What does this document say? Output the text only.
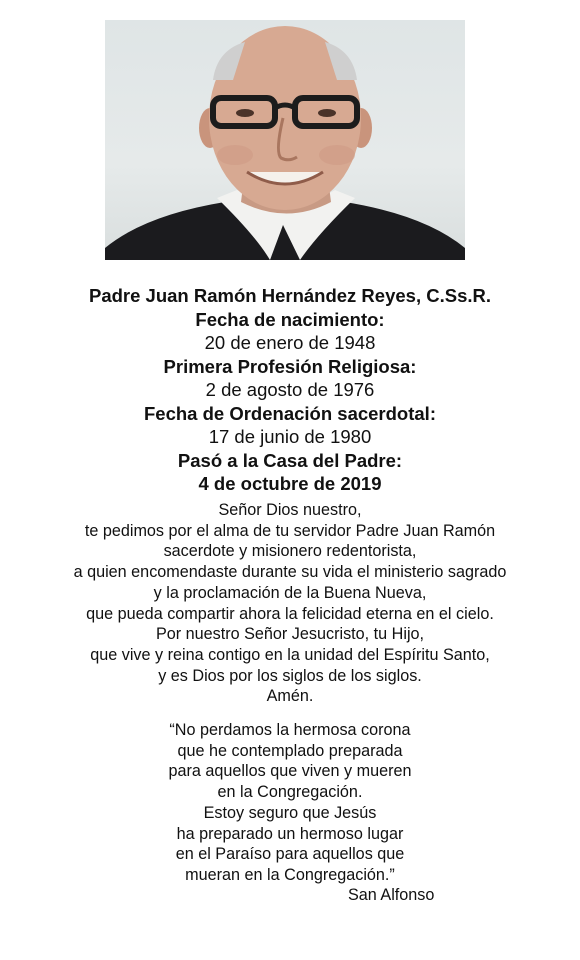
Padre Juan Ramón Hernández Reyes, C.Ss.R.
Fecha de nacimiento:
20 de enero de 1948
Primera Profesión Religiosa:
2 de agosto de 1976
Fecha de Ordenación sacerdotal:
17 de junio de 1980
Pasó a la Casa del Padre:
4 de octubre de 2019
Señor Dios nuestro,
te pedimos por el alma de tu servidor Padre Juan Ramón
sacerdote y misionero redentorista,
a quien encomendaste durante su vida el ministerio sagrado
y la proclamación de la Buena Nueva,
que pueda compartir ahora la felicidad eterna en el cielo.
Por nuestro Señor Jesucristo, tu Hijo,
que vive y reina contigo en la unidad del Espíritu Santo,
y es Dios por los siglos de los siglos.
Amén.
“No perdamos la hermosa corona
que he contemplado preparada
para aquellos que viven y mueren
en la Congregación.
Estoy seguro que Jesús
ha preparado un hermoso lugar
en el Paraíso para aquellos que
mueran en la Congregación.”
San Alfonso
